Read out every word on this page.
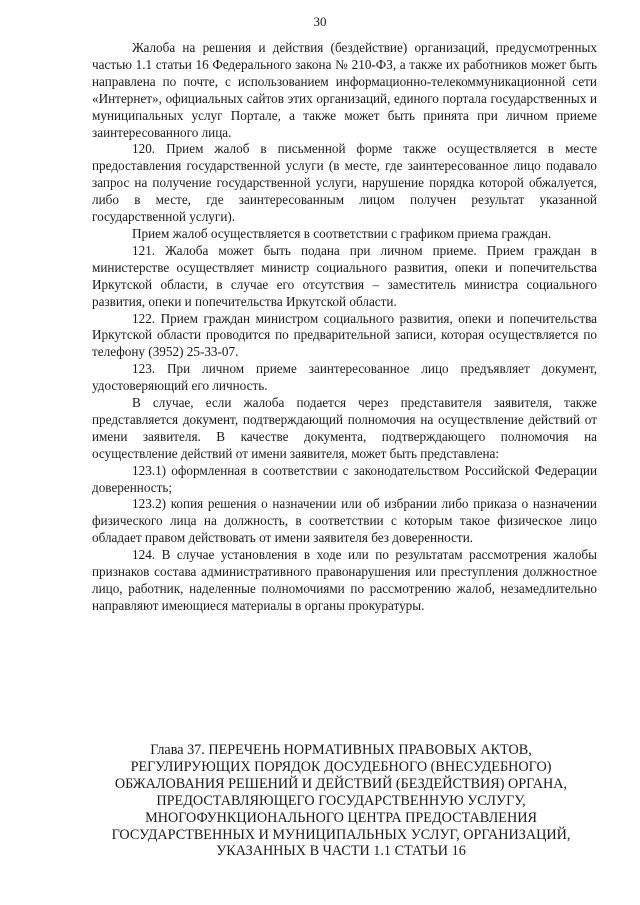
30

Жалоба на решения и действия (бездействие) организаций, предусмотренных частью 1.1 статьи 16 Федерального закона № 210-ФЗ, а также их работников может быть направлена по почте, с использованием информационно-телекоммуникационной сети «Интернет», официальных сайтов этих организаций, единого портала государственных и муниципальных услуг Портале, а также может быть принята при личном приеме заинтересованного лица.

120. Прием жалоб в письменной форме также осуществляется в месте предоставления государственной услуги (в месте, где заинтересованное лицо подавало запрос на получение государственной услуги, нарушение порядка которой обжалуется, либо в месте, где заинтересованным лицом получен результат указанной государственной услуги).

Прием жалоб осуществляется в соответствии с графиком приема граждан.

121. Жалоба может быть подана при личном приеме. Прием граждан в министерстве осуществляет министр социального развития, опеки и попечительства Иркутской области, в случае его отсутствия – заместитель министра социального развития, опеки и попечительства Иркутской области.

122. Прием граждан министром социального развития, опеки и попечительства Иркутской области проводится по предварительной записи, которая осуществляется по телефону (3952) 25-33-07.

123. При личном приеме заинтересованное лицо предъявляет документ, удостоверяющий его личность.

В случае, если жалоба подается через представителя заявителя, также представляется документ, подтверждающий полномочия на осуществление действий от имени заявителя. В качестве документа, подтверждающего полномочия на осуществление действий от имени заявителя, может быть представлена:

123.1) оформленная в соответствии с законодательством Российской Федерации доверенность;

123.2) копия решения о назначении или об избрании либо приказа о назначении физического лица на должность, в соответствии с которым такое физическое лицо обладает правом действовать от имени заявителя без доверенности.

124. В случае установления в ходе или по результатам рассмотрения жалобы признаков состава административного правонарушения или преступления должностное лицо, работник, наделенные полномочиями по рассмотрению жалоб, незамедлительно направляют имеющиеся материалы в органы прокуратуры.

Глава 37. ПЕРЕЧЕНЬ НОРМАТИВНЫХ ПРАВОВЫХ АКТОВ,
РЕГУЛИРУЮЩИХ ПОРЯДОК ДОСУДЕБНОГО (ВНЕСУДЕБНОГО)
ОБЖАЛОВАНИЯ РЕШЕНИЙ И ДЕЙСТВИЙ (БЕЗДЕЙСТВИЯ) ОРГАНА,
ПРЕДОСТАВЛЯЮЩЕГО ГОСУДАРСТВЕННУЮ УСЛУГУ,
МНОГОФУНКЦИОНАЛЬНОГО ЦЕНТРА ПРЕДОСТАВЛЕНИЯ
ГОСУДАРСТВЕННЫХ И МУНИЦИПАЛЬНЫХ УСЛУГ, ОРГАНИЗАЦИЙ,
УКАЗАННЫХ В ЧАСТИ 1.1 СТАТЬИ 16
